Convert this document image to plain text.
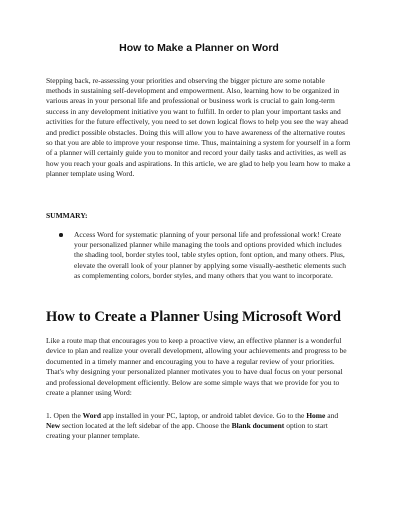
How to Make a Planner on Word

Stepping back, re-assessing your priorities and observing the bigger picture are some notable methods in sustaining self-development and empowerment. Also, learning how to be organized in various areas in your personal life and professional or business work is crucial to gain long-term success in any development initiative you want to fulfill. In order to plan your important tasks and activities for the future effectively, you need to set down logical flows to help you see the way ahead and predict possible obstacles. Doing this will allow you to have awareness of the alternative routes so that you are able to improve your response time. Thus, maintaining a system for yourself in a form of a planner will certainly guide you to monitor and record your daily tasks and activities, as well as how you reach your goals and aspirations. In this article, we are glad to help you learn how to make a planner template using Word.

SUMMARY:
Access Word for systematic planning of your personal life and professional work! Create your personalized planner while managing the tools and options provided which includes the shading tool, border styles tool, table styles option, font option, and many others. Plus, elevate the overall look of your planner by applying some visually-aesthetic elements such as complementing colors, border styles, and many others that you want to incorporate.
How to Create a Planner Using Microsoft Word

Like a route map that encourages you to keep a proactive view, an effective planner is a wonderful device to plan and realize your overall development, allowing your achievements and progress to be documented in a timely manner and encouraging you to have a regular review of your priorities. That's why designing your personalized planner motivates you to have dual focus on your personal and professional development efficiently. Below are some simple ways that we provide for you to create a planner using Word:

1. Open the Word app installed in your PC, laptop, or android tablet device. Go to the Home and New section located at the left sidebar of the app. Choose the Blank document option to start creating your planner template.
